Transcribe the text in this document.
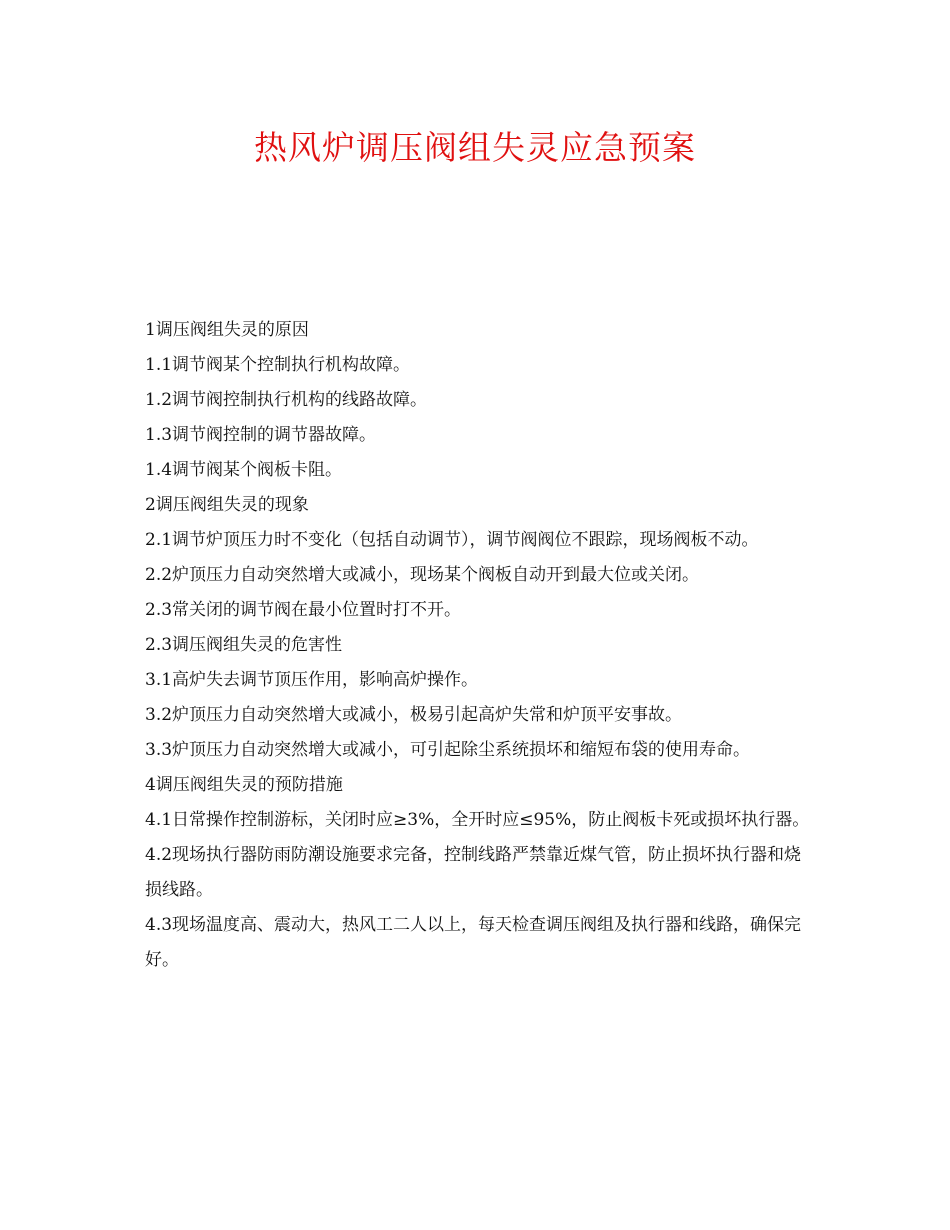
热风炉调压阀组失灵应急预案

1调压阀组失灵的原因

1.1调节阀某个控制执行机构故障。

1.2调节阀控制执行机构的线路故障。

1.3调节阀控制的调节器故障。

1.4调节阀某个阀板卡阻。

2调压阀组失灵的现象

2.1调节炉顶压力时不变化（包括自动调节），调节阀阀位不跟踪，现场阀板不动。

2.2炉顶压力自动突然增大或减小，现场某个阀板自动开到最大位或关闭。

2.3常关闭的调节阀在最小位置时打不开。

2.3调压阀组失灵的危害性

3.1高炉失去调节顶压作用，影响高炉操作。

3.2炉顶压力自动突然增大或减小，极易引起高炉失常和炉顶平安事故。

3.3炉顶压力自动突然增大或减小，可引起除尘系统损坏和缩短布袋的使用寿命。

4调压阀组失灵的预防措施

4.1日常操作控制游标，关闭时应≥3%，全开时应≤95%，防止阀板卡死或损坏执行器。

4.2现场执行器防雨防潮设施要求完备，控制线路严禁靠近煤气管，防止损坏执行器和烧损线路。

4.3现场温度高、震动大，热风工二人以上，每天检查调压阀组及执行器和线路，确保完好。
